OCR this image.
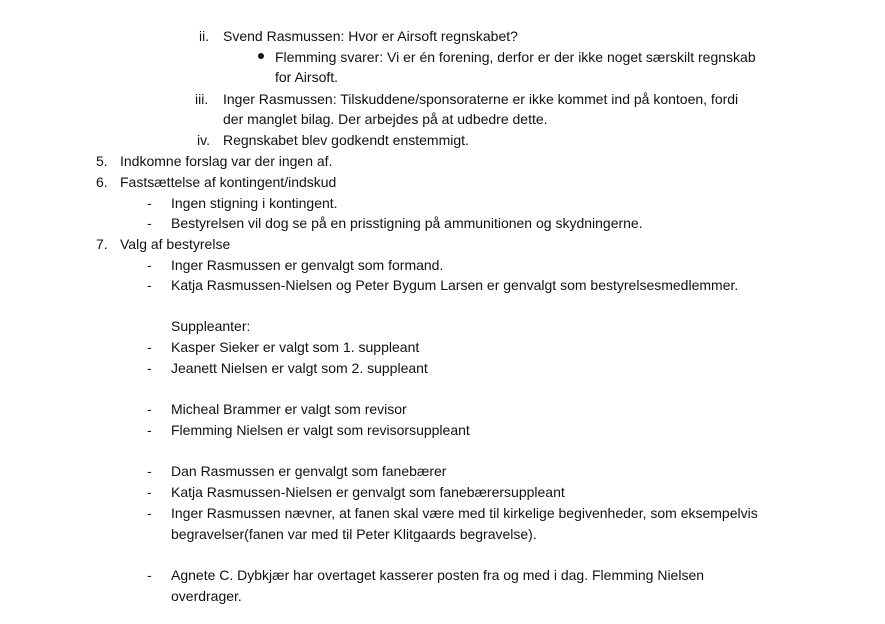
ii. Svend Rasmussen: Hvor er Airsoft regnskabet?
Flemming svarer: Vi er én forening, derfor er der ikke noget særskilt regnskab
for Airsoft.
iii. Inger Rasmussen: Tilskuddene/sponsoraterne er ikke kommet ind på kontoen, fordi
der manglet bilag. Der arbejdes på at udbedre dette.
iv. Regnskabet blev godkendt enstemmigt.
5. Indkomne forslag var der ingen af.
6. Fastsættelse af kontingent/indskud
- Ingen stigning i kontingent.
- Bestyrelsen vil dog se på en prisstigning på ammunitionen og skydningerne.
7. Valg af bestyrelse
- Inger Rasmussen er genvalgt som formand.
- Katja Rasmussen-Nielsen og Peter Bygum Larsen er genvalgt som bestyrelsesmedlemmer.
Suppleanter:
- Kasper Sieker er valgt som 1. suppleant
- Jeanett Nielsen er valgt som 2. suppleant
- Micheal Brammer er valgt som revisor
- Flemming Nielsen er valgt som revisorsuppleant
- Dan Rasmussen er genvalgt som fanebærer
- Katja Rasmussen-Nielsen er genvalgt som fanebærersuppleant
- Inger Rasmussen nævner, at fanen skal være med til kirkelige begivenheder, som eksempelvis
begravelser(fanen var med til Peter Klitgaards begravelse).
- Agnete C. Dybkjær har overtaget kasserer posten fra og med i dag. Flemming Nielsen
overdrager.
